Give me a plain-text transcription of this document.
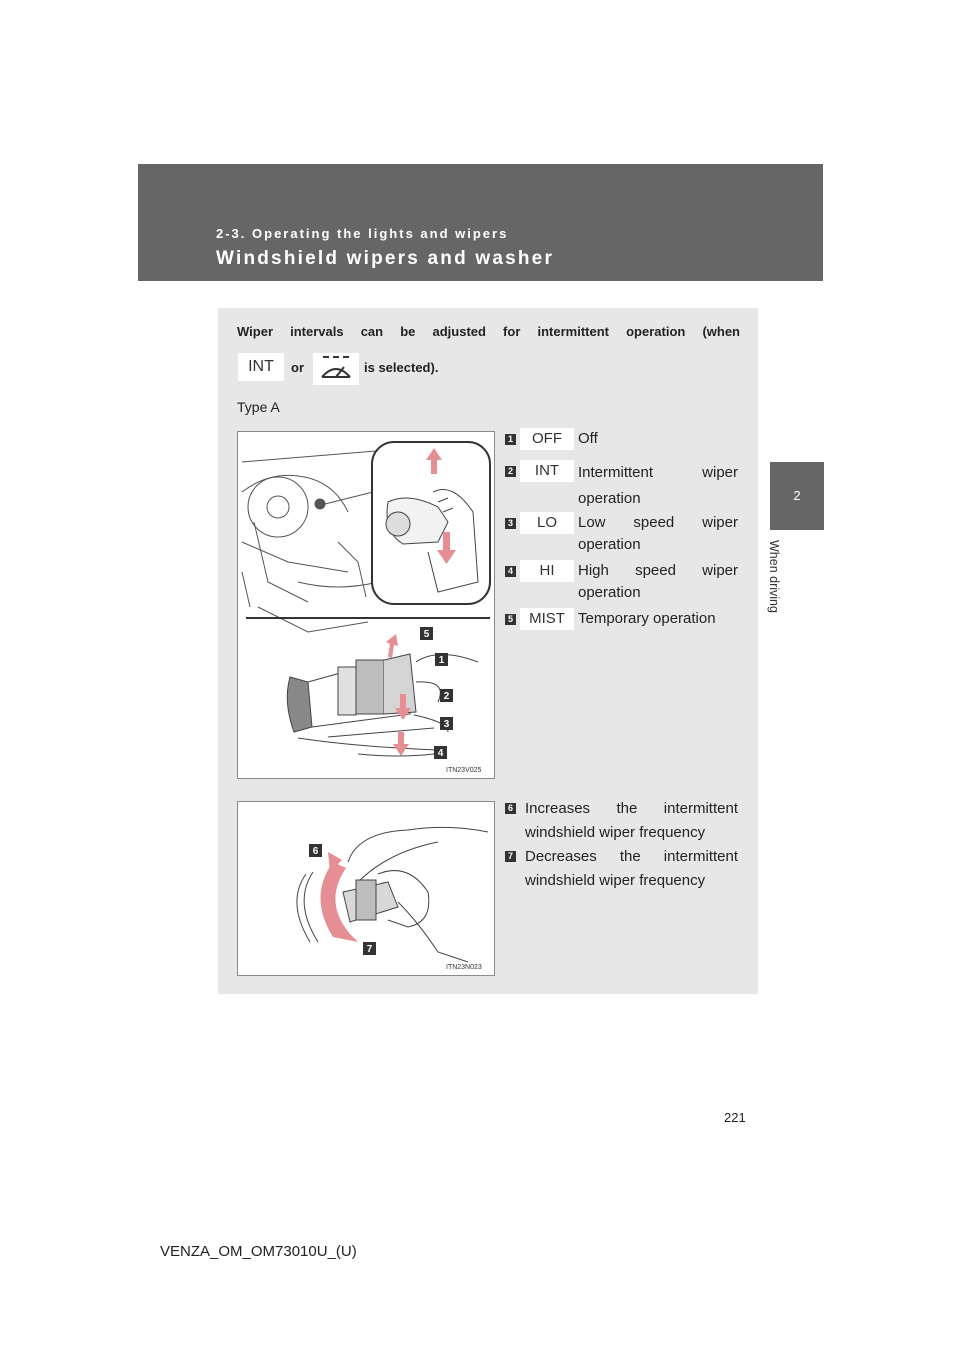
2-3. Operating the lights and wipers
Windshield wipers and washer
2
When driving
Wiper intervals can be adjusted for intermittent operation (when
INT	or	is selected).
Type A
5
1
2
3
4
ITN23V025
6
7
ITN23N023
1	OFF	Off
2	INT	Intermittent wiper operation
3	LO	Low speed wiper operation
4	HI	High speed wiper operation
5	MIST Temporary operation
6 Increases the intermittent windshield wiper frequency
7 Decreases the intermittent windshield wiper frequency
221
VENZA_OM_OM73010U_(U)
